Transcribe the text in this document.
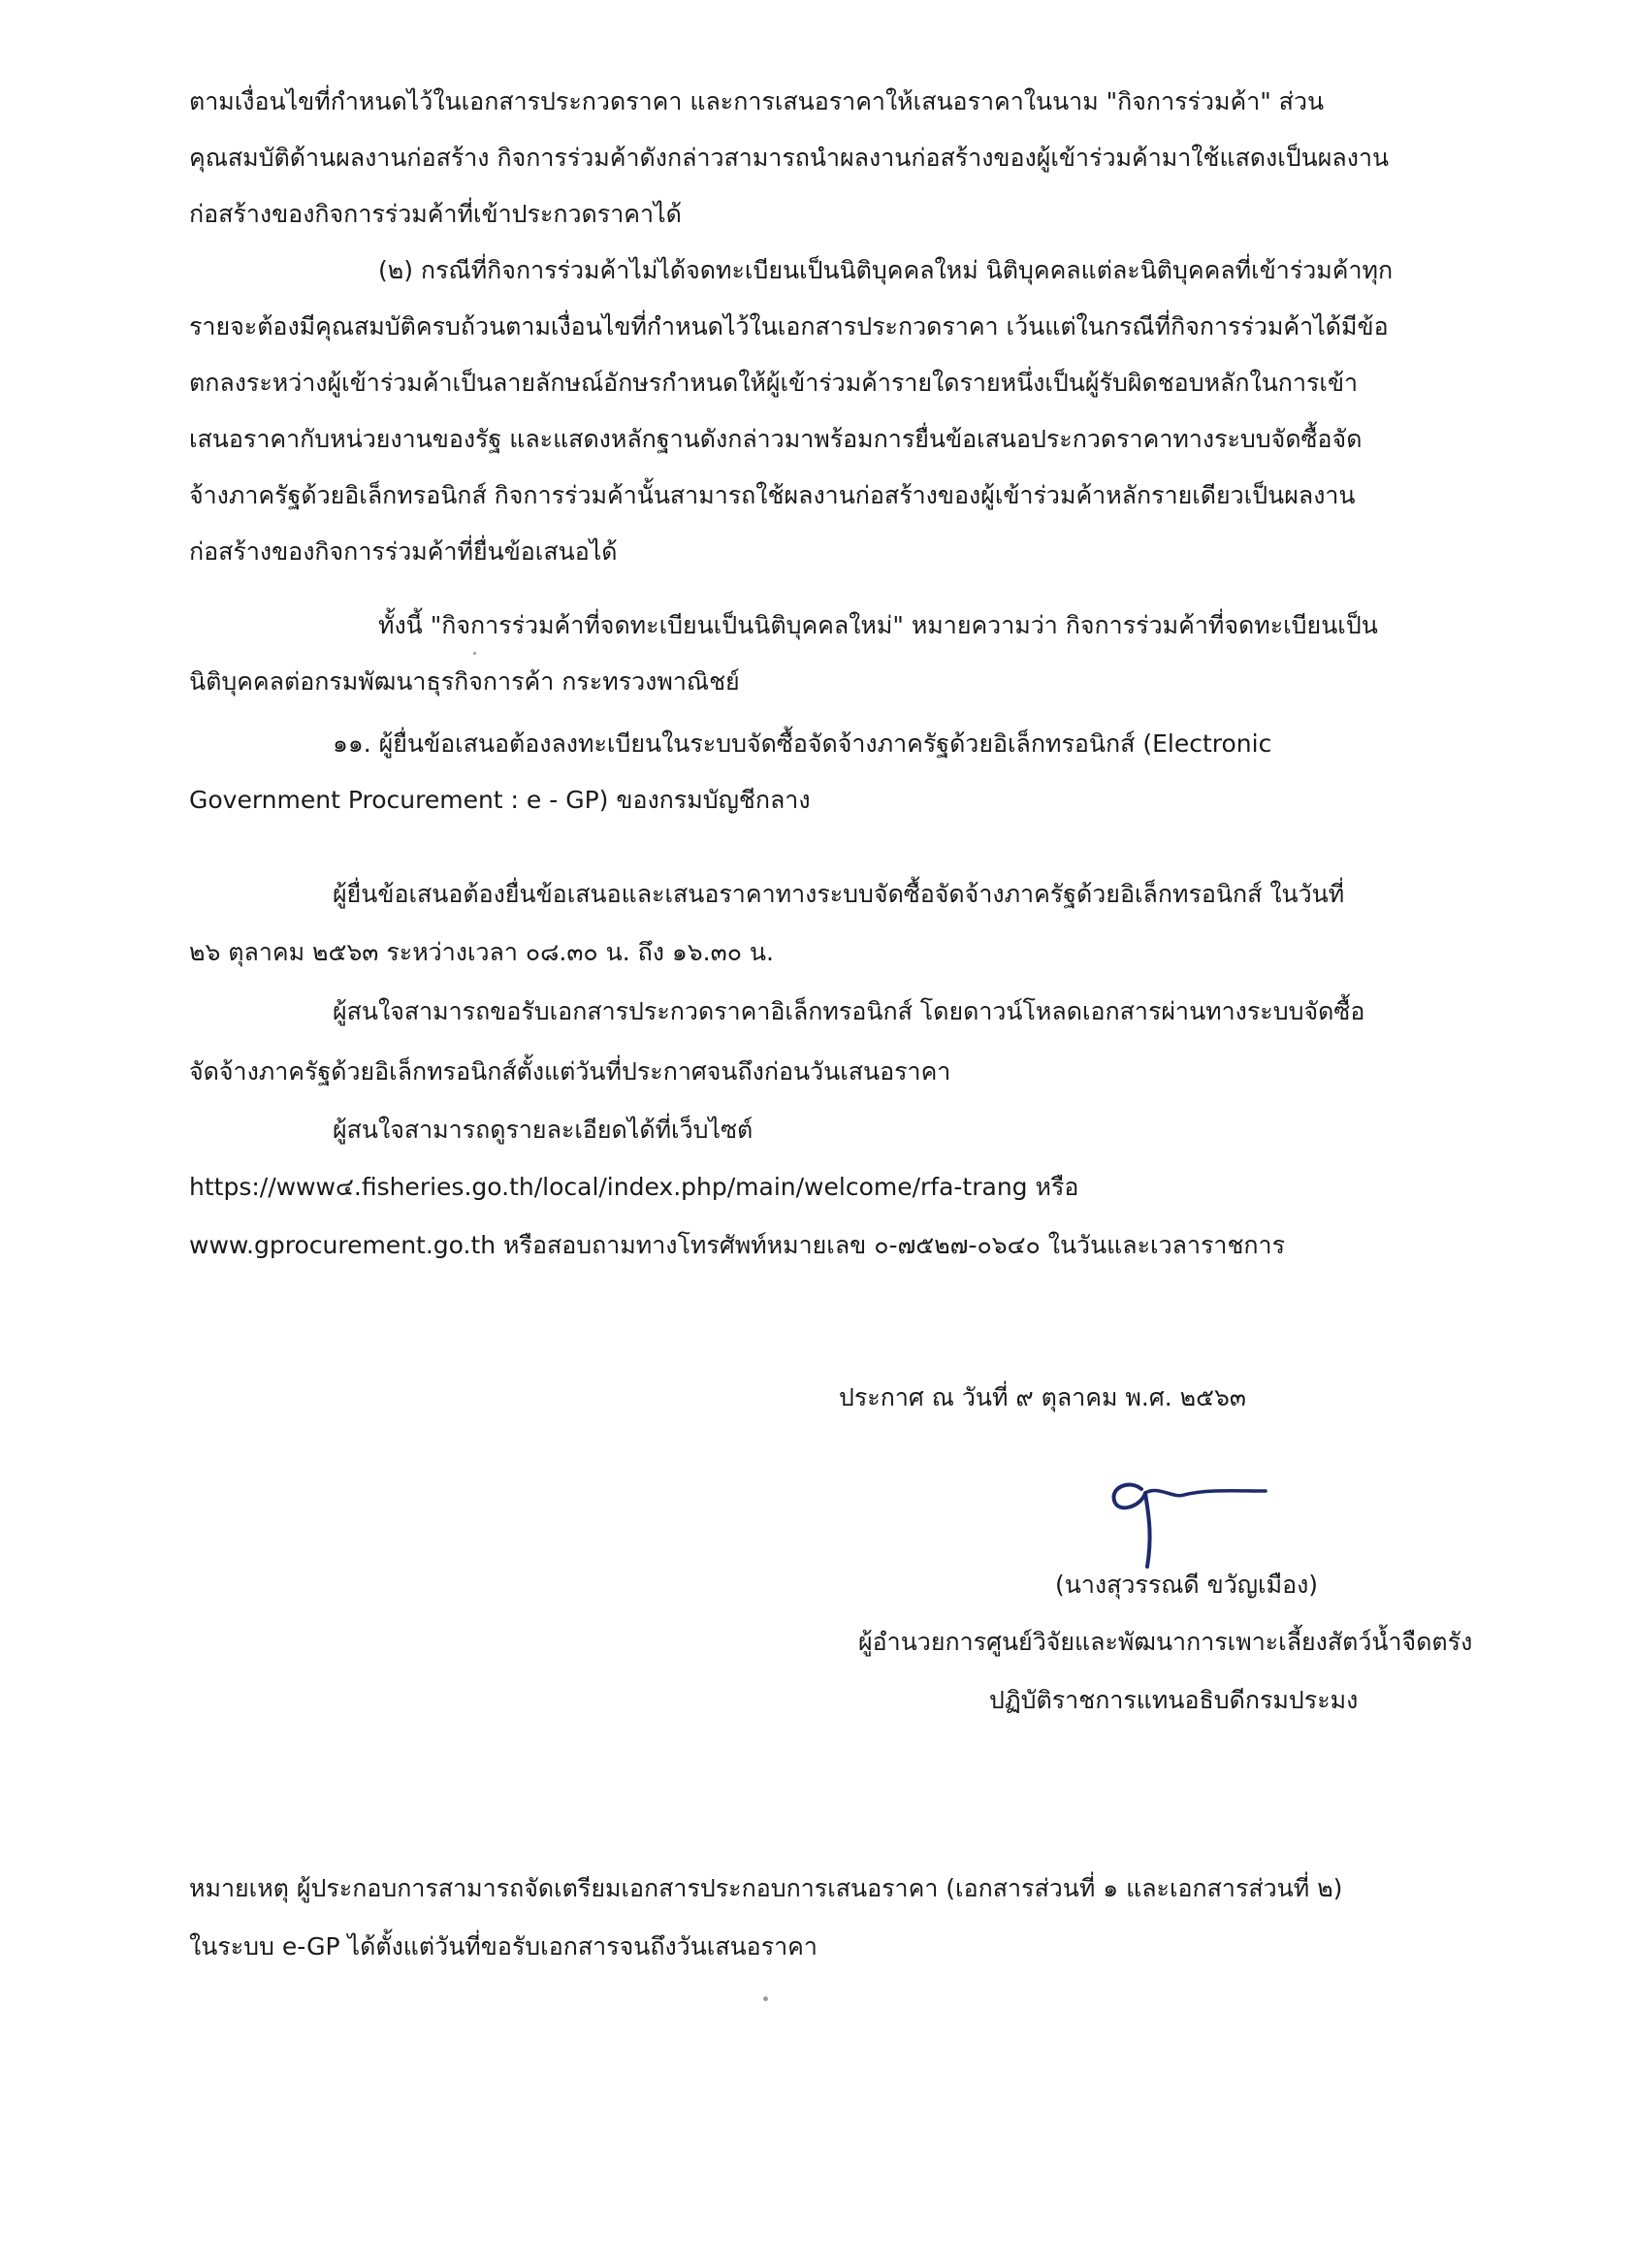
ตามเงื่อนไขที่กำหนดไว้ในเอกสารประกวดราคา และการเสนอราคาให้เสนอราคาในนาม "กิจการร่วมค้า" ส่วน
คุณสมบัติด้านผลงานก่อสร้าง กิจการร่วมค้าดังกล่าวสามารถนำผลงานก่อสร้างของผู้เข้าร่วมค้ามาใช้แสดงเป็นผลงาน
ก่อสร้างของกิจการร่วมค้าที่เข้าประกวดราคาได้
(๒) กรณีที่กิจการร่วมค้าไม่ได้จดทะเบียนเป็นนิติบุคคลใหม่ นิติบุคคลแต่ละนิติบุคคลที่เข้าร่วมค้าทุก
รายจะต้องมีคุณสมบัติครบถ้วนตามเงื่อนไขที่กำหนดไว้ในเอกสารประกวดราคา เว้นแต่ในกรณีที่กิจการร่วมค้าได้มีข้อ
ตกลงระหว่างผู้เข้าร่วมค้าเป็นลายลักษณ์อักษรกำหนดให้ผู้เข้าร่วมค้ารายใดรายหนึ่งเป็นผู้รับผิดชอบหลักในการเข้า
เสนอราคากับหน่วยงานของรัฐ และแสดงหลักฐานดังกล่าวมาพร้อมการยื่นข้อเสนอประกวดราคาทางระบบจัดซื้อจัด
จ้างภาครัฐด้วยอิเล็กทรอนิกส์ กิจการร่วมค้านั้นสามารถใช้ผลงานก่อสร้างของผู้เข้าร่วมค้าหลักรายเดียวเป็นผลงาน
ก่อสร้างของกิจการร่วมค้าที่ยื่นข้อเสนอได้
ทั้งนี้ "กิจการร่วมค้าที่จดทะเบียนเป็นนิติบุคคลใหม่" หมายความว่า กิจการร่วมค้าที่จดทะเบียนเป็น
นิติบุคคลต่อกรมพัฒนาธุรกิจการค้า กระทรวงพาณิชย์
๑๑. ผู้ยื่นข้อเสนอต้องลงทะเบียนในระบบจัดซื้อจัดจ้างภาครัฐด้วยอิเล็กทรอนิกส์ (Electronic
Government Procurement : e - GP) ของกรมบัญชีกลาง
ผู้ยื่นข้อเสนอต้องยื่นข้อเสนอและเสนอราคาทางระบบจัดซื้อจัดจ้างภาครัฐด้วยอิเล็กทรอนิกส์ ในวันที่
๒๖ ตุลาคม ๒๕๖๓ ระหว่างเวลา ๐๘.๓๐ น. ถึง ๑๖.๓๐ น.
ผู้สนใจสามารถขอรับเอกสารประกวดราคาอิเล็กทรอนิกส์ โดยดาวน์โหลดเอกสารผ่านทางระบบจัดซื้อ
จัดจ้างภาครัฐด้วยอิเล็กทรอนิกส์ตั้งแต่วันที่ประกาศจนถึงก่อนวันเสนอราคา
ผู้สนใจสามารถดูรายละเอียดได้ที่เว็บไซต์
https://www๔.fisheries.go.th/local/index.php/main/welcome/rfa-trang หรือ
www.gprocurement.go.th หรือสอบถามทางโทรศัพท์หมายเลข ๐-๗๕๒๗-๐๖๔๐ ในวันและเวลาราชการ
ประกาศ ณ วันที่ ๙ ตุลาคม พ.ศ. ๒๕๖๓
(นางสุวรรณดี ขวัญเมือง)
ผู้อำนวยการศูนย์วิจัยและพัฒนาการเพาะเลี้ยงสัตว์น้ำจืดตรัง
ปฏิบัติราชการแทนอธิบดีกรมประมง
หมายเหตุ ผู้ประกอบการสามารถจัดเตรียมเอกสารประกอบการเสนอราคา (เอกสารส่วนที่ ๑ และเอกสารส่วนที่ ๒)
ในระบบ e-GP ได้ตั้งแต่วันที่ขอรับเอกสารจนถึงวันเสนอราคา
